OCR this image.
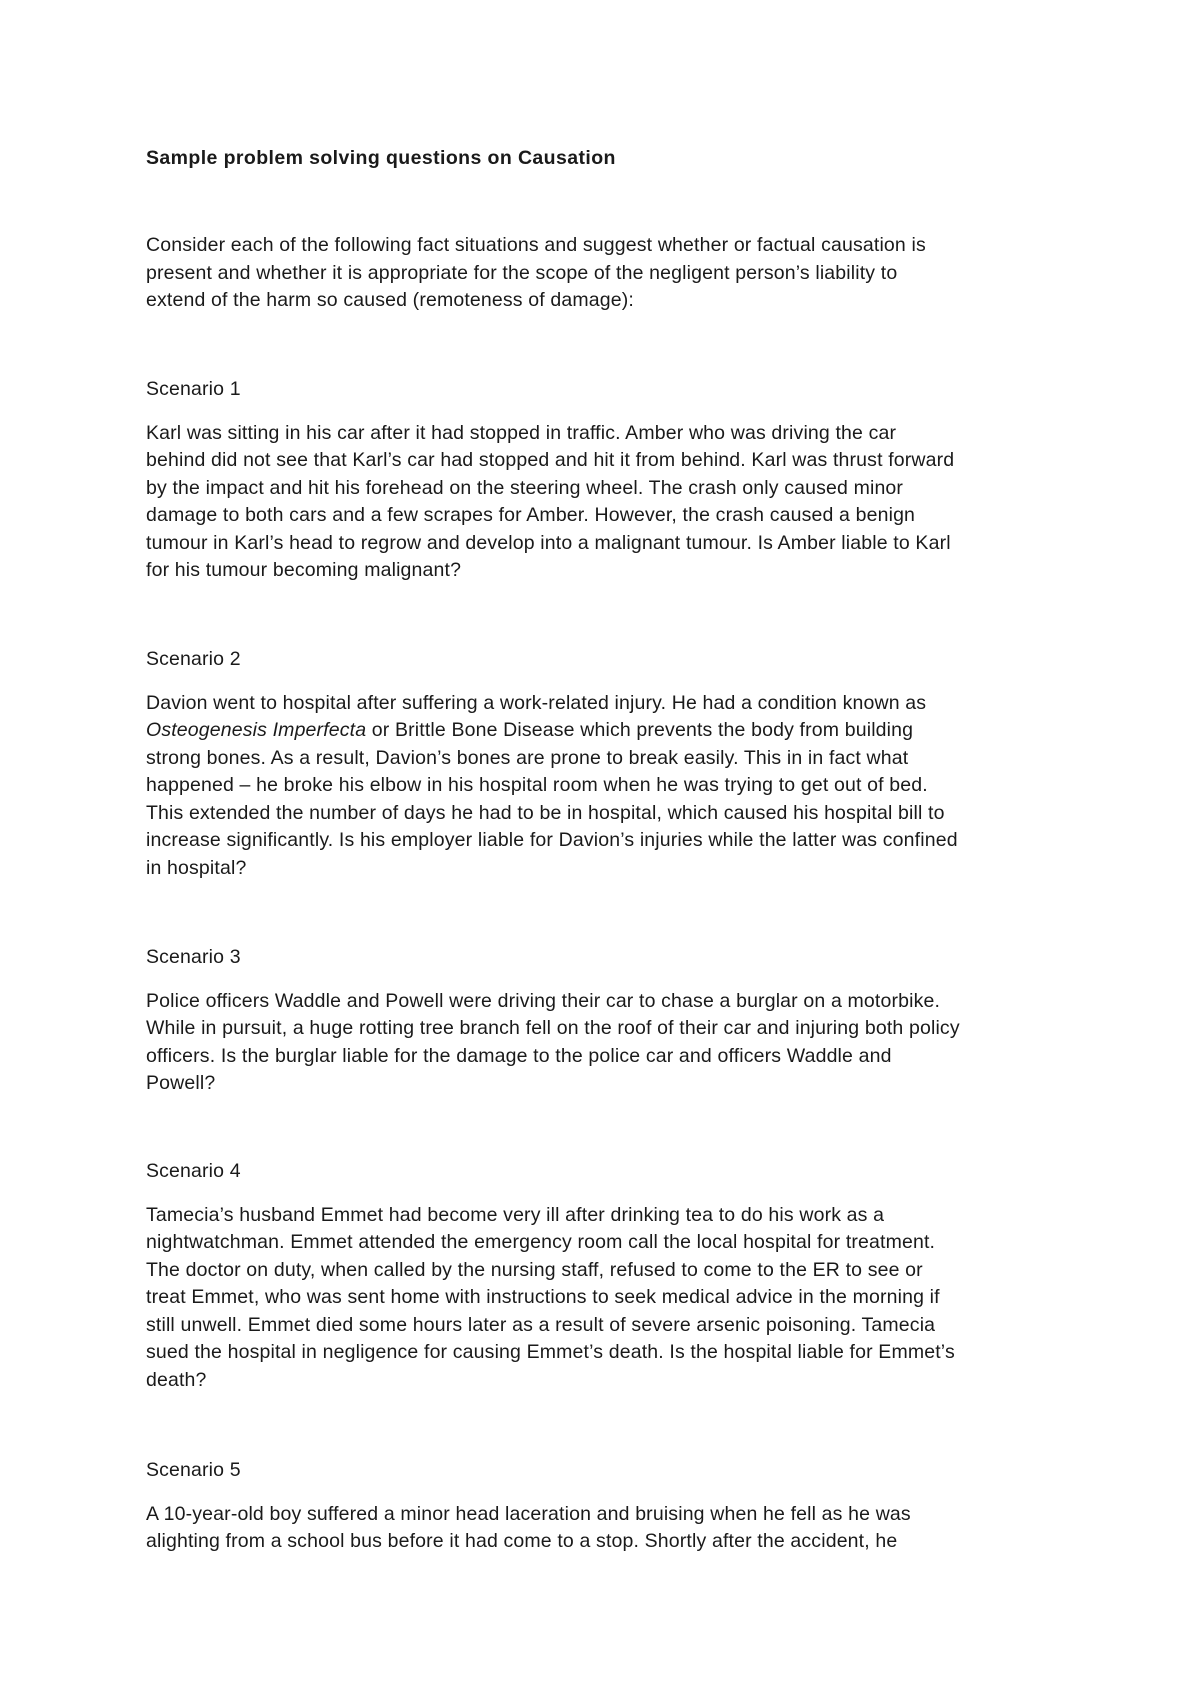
Sample problem solving questions on Causation

Consider each of the following fact situations and suggest whether or factual causation is
present and whether it is appropriate for the scope of the negligent person’s liability to
extend of the harm so caused (remoteness of damage):

Scenario 1

Karl was sitting in his car after it had stopped in traffic. Amber who was driving the car
behind did not see that Karl’s car had stopped and hit it from behind. Karl was thrust forward
by the impact and hit his forehead on the steering wheel. The crash only caused minor
damage to both cars and a few scrapes for Amber. However, the crash caused a benign
tumour in Karl’s head to regrow and develop into a malignant tumour. Is Amber liable to Karl
for his tumour becoming malignant?

Scenario 2

Davion went to hospital after suffering a work-related injury. He had a condition known as
Osteogenesis Imperfecta or Brittle Bone Disease which prevents the body from building
strong bones. As a result, Davion’s bones are prone to break easily. This in in fact what
happened – he broke his elbow in his hospital room when he was trying to get out of bed.
This extended the number of days he had to be in hospital, which caused his hospital bill to
increase significantly. Is his employer liable for Davion’s injuries while the latter was confined
in hospital?

Scenario 3

Police officers Waddle and Powell were driving their car to chase a burglar on a motorbike.
While in pursuit, a huge rotting tree branch fell on the roof of their car and injuring both policy
officers. Is the burglar liable for the damage to the police car and officers Waddle and
Powell?

Scenario 4

Tamecia’s husband Emmet had become very ill after drinking tea to do his work as a
nightwatchman. Emmet attended the emergency room call the local hospital for treatment.
The doctor on duty, when called by the nursing staff, refused to come to the ER to see or
treat Emmet, who was sent home with instructions to seek medical advice in the morning if
still unwell. Emmet died some hours later as a result of severe arsenic poisoning. Tamecia
sued the hospital in negligence for causing Emmet’s death. Is the hospital liable for Emmet’s
death?

Scenario 5

A 10-year-old boy suffered a minor head laceration and bruising when he fell as he was
alighting from a school bus before it had come to a stop. Shortly after the accident, he
